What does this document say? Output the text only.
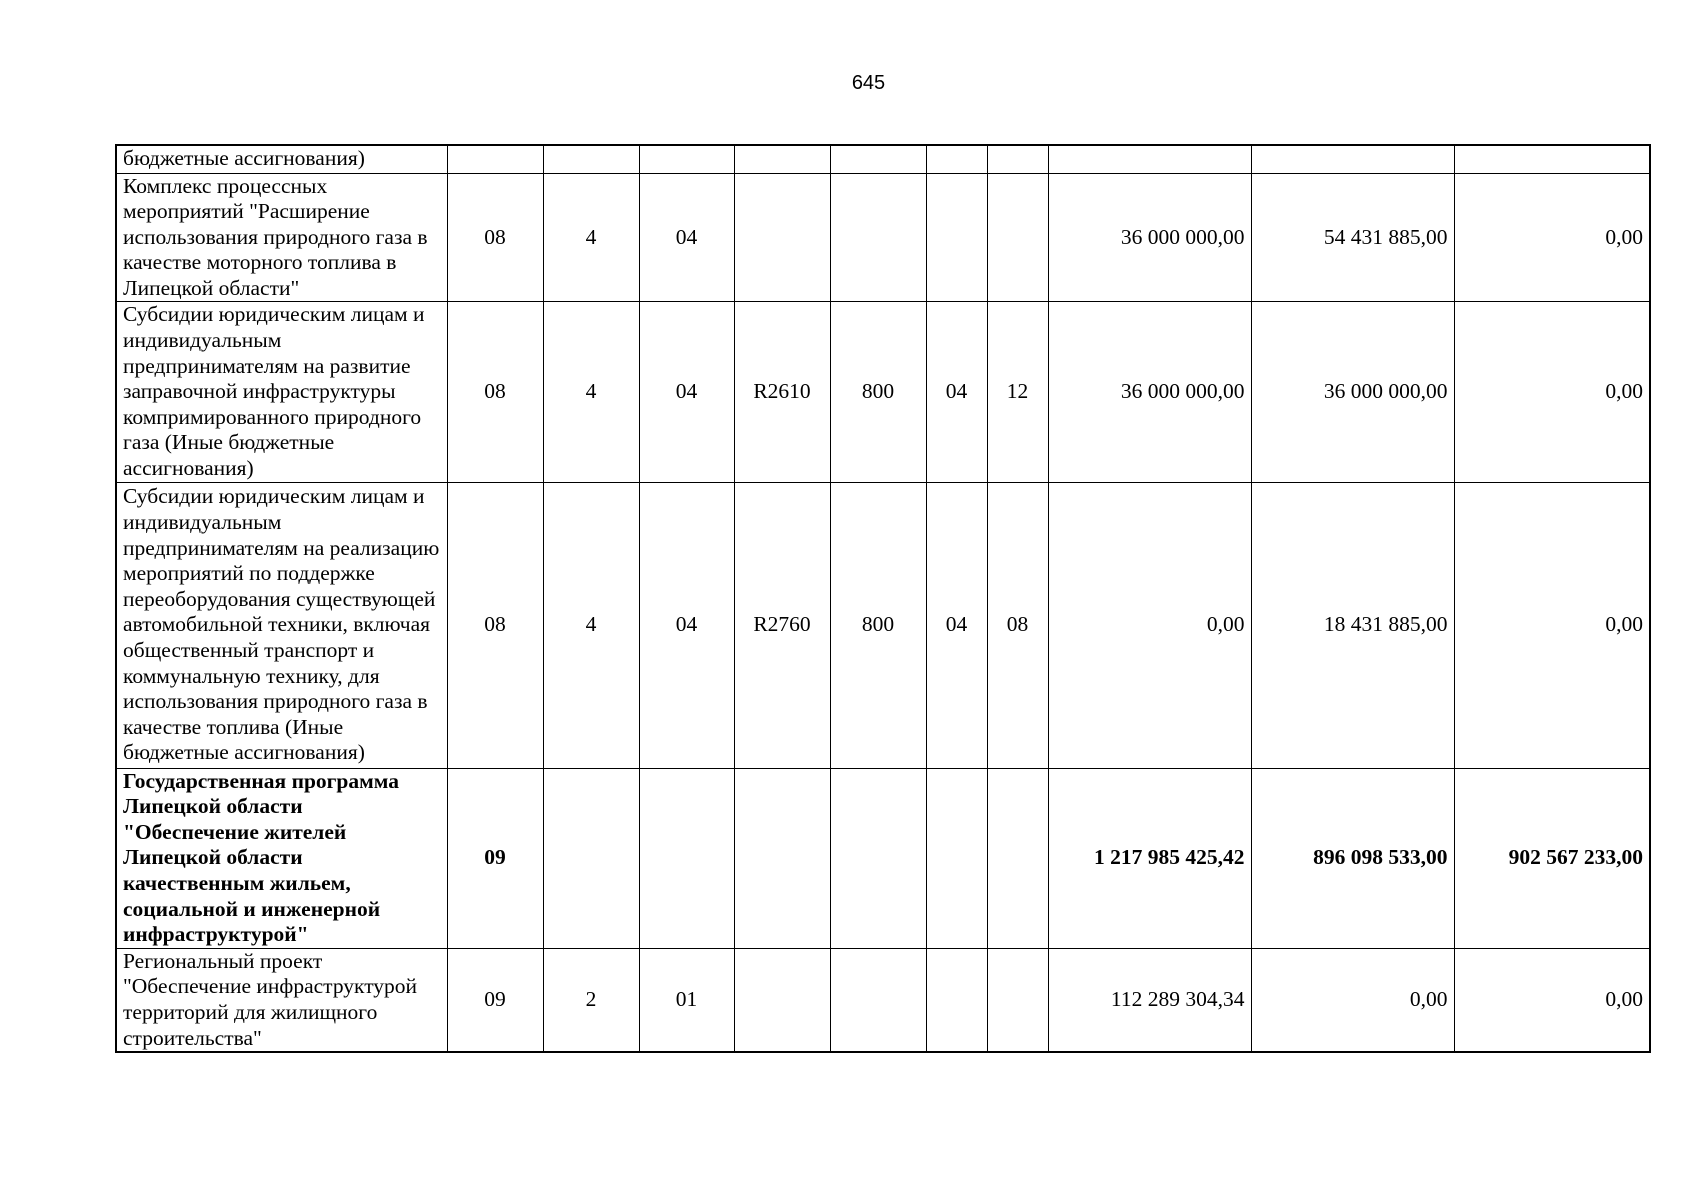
645
бюджетные ассигнования)										
Комплекс процессных мероприятий "Расширение использования природного газа в качестве моторного топлива в Липецкой области"	08	4	04					36 000 000,00	54 431 885,00	0,00
Субсидии юридическим лицам и индивидуальным предпринимателям на развитие заправочной инфраструктуры компримированного природного газа (Иные бюджетные ассигнования)	08	4	04	R2610	800	04	12	36 000 000,00	36 000 000,00	0,00
Субсидии юридическим лицам и индивидуальным предпринимателям на реализацию мероприятий по поддержке переоборудования существующей автомобильной техники, включая общественный транспорт и коммунальную технику, для использования природного газа в качестве топлива (Иные бюджетные ассигнования)	08	4	04	R2760	800	04	08	0,00	18 431 885,00	0,00
Государственная программа Липецкой области "Обеспечение жителей Липецкой области качественным жильем, социальной и инженерной инфраструктурой"	09							1 217 985 425,42	896 098 533,00	902 567 233,00
Региональный проект "Обеспечение инфраструктурой территорий для жилищного строительства"	09	2	01					112 289 304,34	0,00	0,00
